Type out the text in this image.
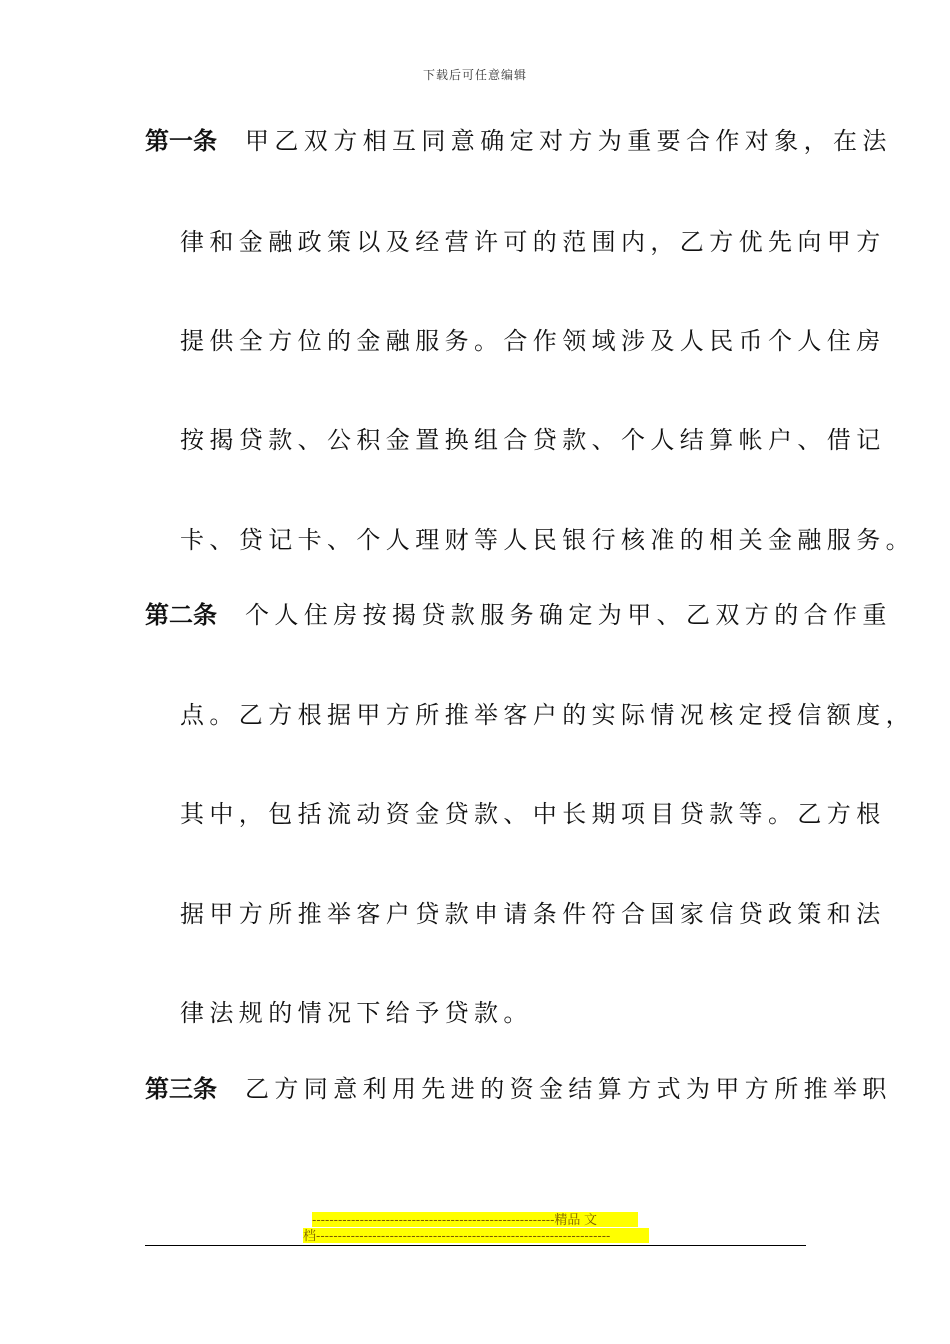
下载后可任意编辑
第一条 甲乙双方相互同意确定对方为重要合作对象，在法
律和金融政策以及经营许可的范围内，乙方优先向甲方
提供全方位的金融服务。合作领域涉及人民币个人住房
按揭贷款、公积金置换组合贷款、个人结算帐户、借记
卡、贷记卡、个人理财等人民银行核准的相关金融服务。
第二条 个人住房按揭贷款服务确定为甲、乙双方的合作重
点。乙方根据甲方所推举客户的实际情况核定授信额度，
其中，包括流动资金贷款、中长期项目贷款等。乙方根
据甲方所推举客户贷款申请条件符合国家信贷政策和法
律法规的情况下给予贷款。
第三条 乙方同意利用先进的资金结算方式为甲方所推举职
--------------------------------------------------------精品 文
档--------------------------------------------------------------------
